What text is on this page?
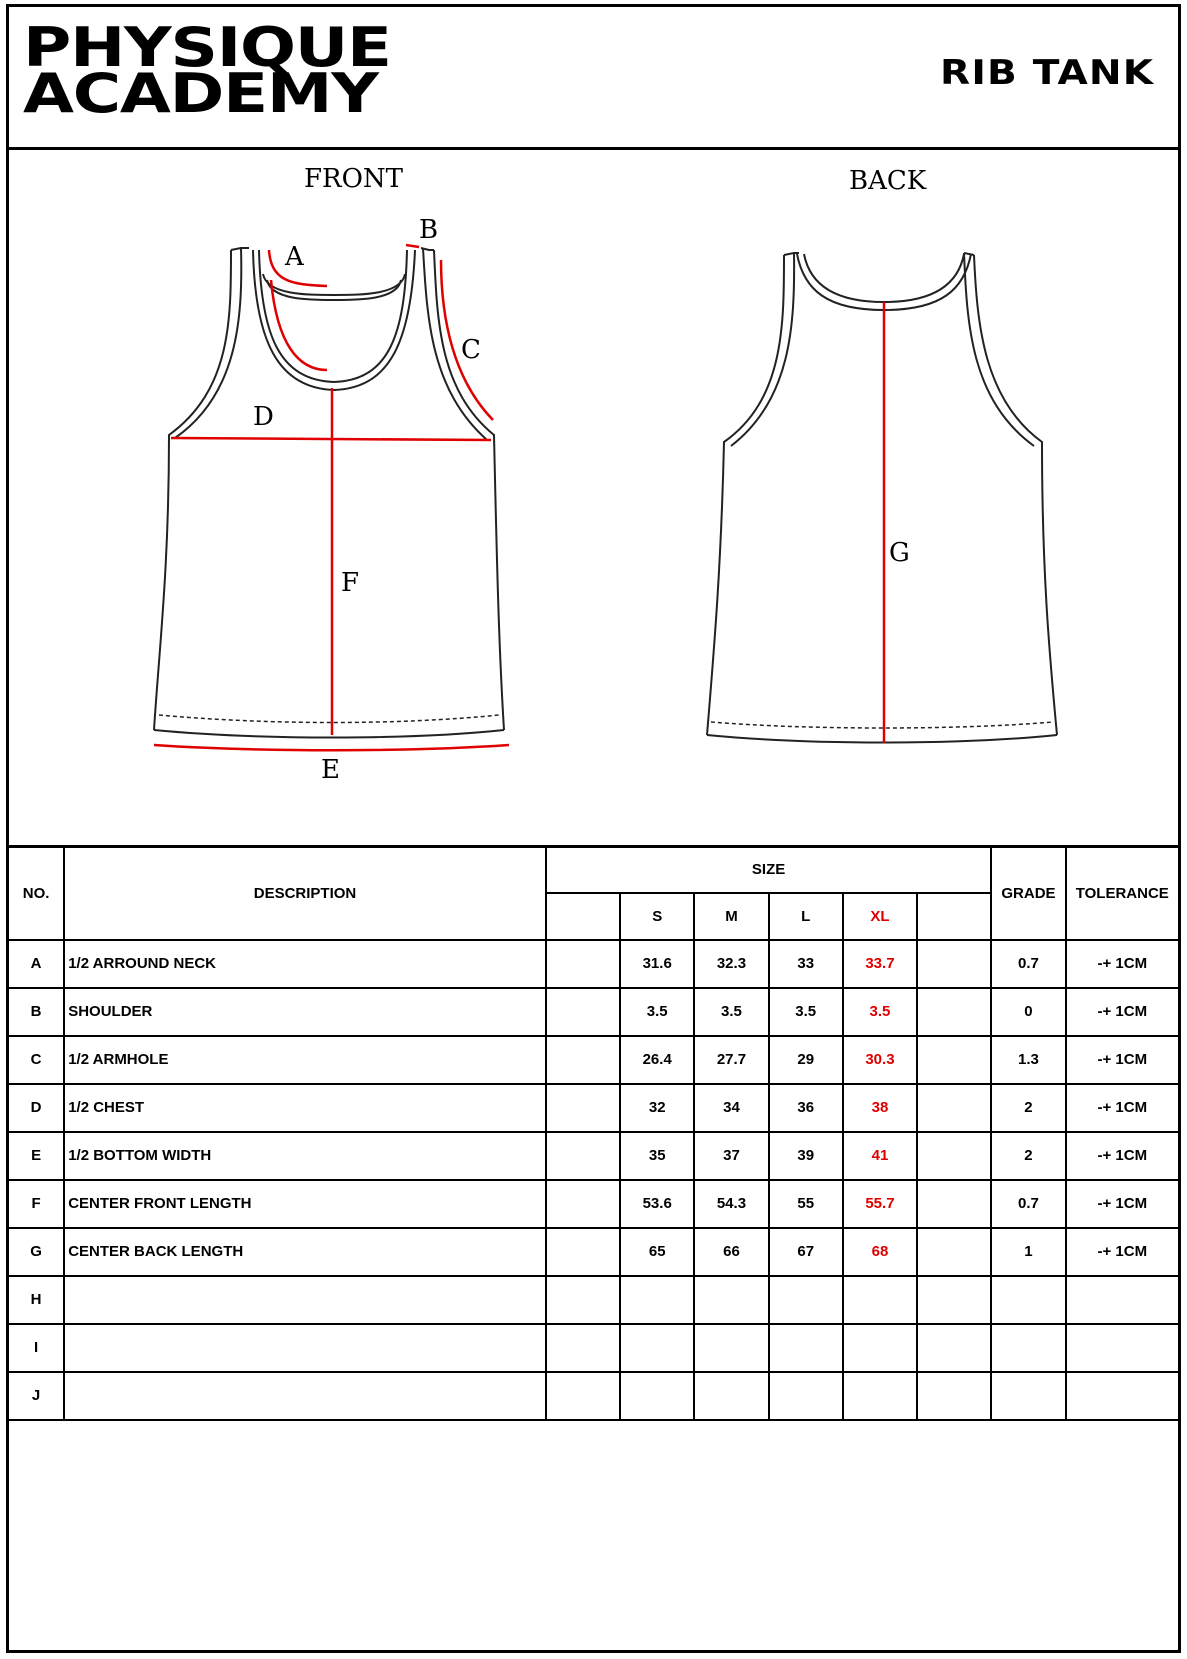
PHYSIQUE
ACADEMY	RIB TANK
FRONT	BACK
A
B
C
D
E
F
G
NO.	DESCRIPTION	SIZE						GRADE	TOLERANCE
			S	M	L	XL			
A	1/2 ARROUND NECK		31.6	32.3	33	33.7		0.7	-+ 1CM
B	SHOULDER		3.5	3.5	3.5	3.5		0	-+ 1CM
C	1/2 ARMHOLE		26.4	27.7	29	30.3		1.3	-+ 1CM
D	1/2 CHEST		32	34	36	38		2	-+ 1CM
E	1/2 BOTTOM WIDTH		35	37	39	41		2	-+ 1CM
F	CENTER FRONT LENGTH		53.6	54.3	55	55.7		0.7	-+ 1CM
G	CENTER BACK LENGTH		65	66	67	68		1	-+ 1CM
H									
I									
J									
